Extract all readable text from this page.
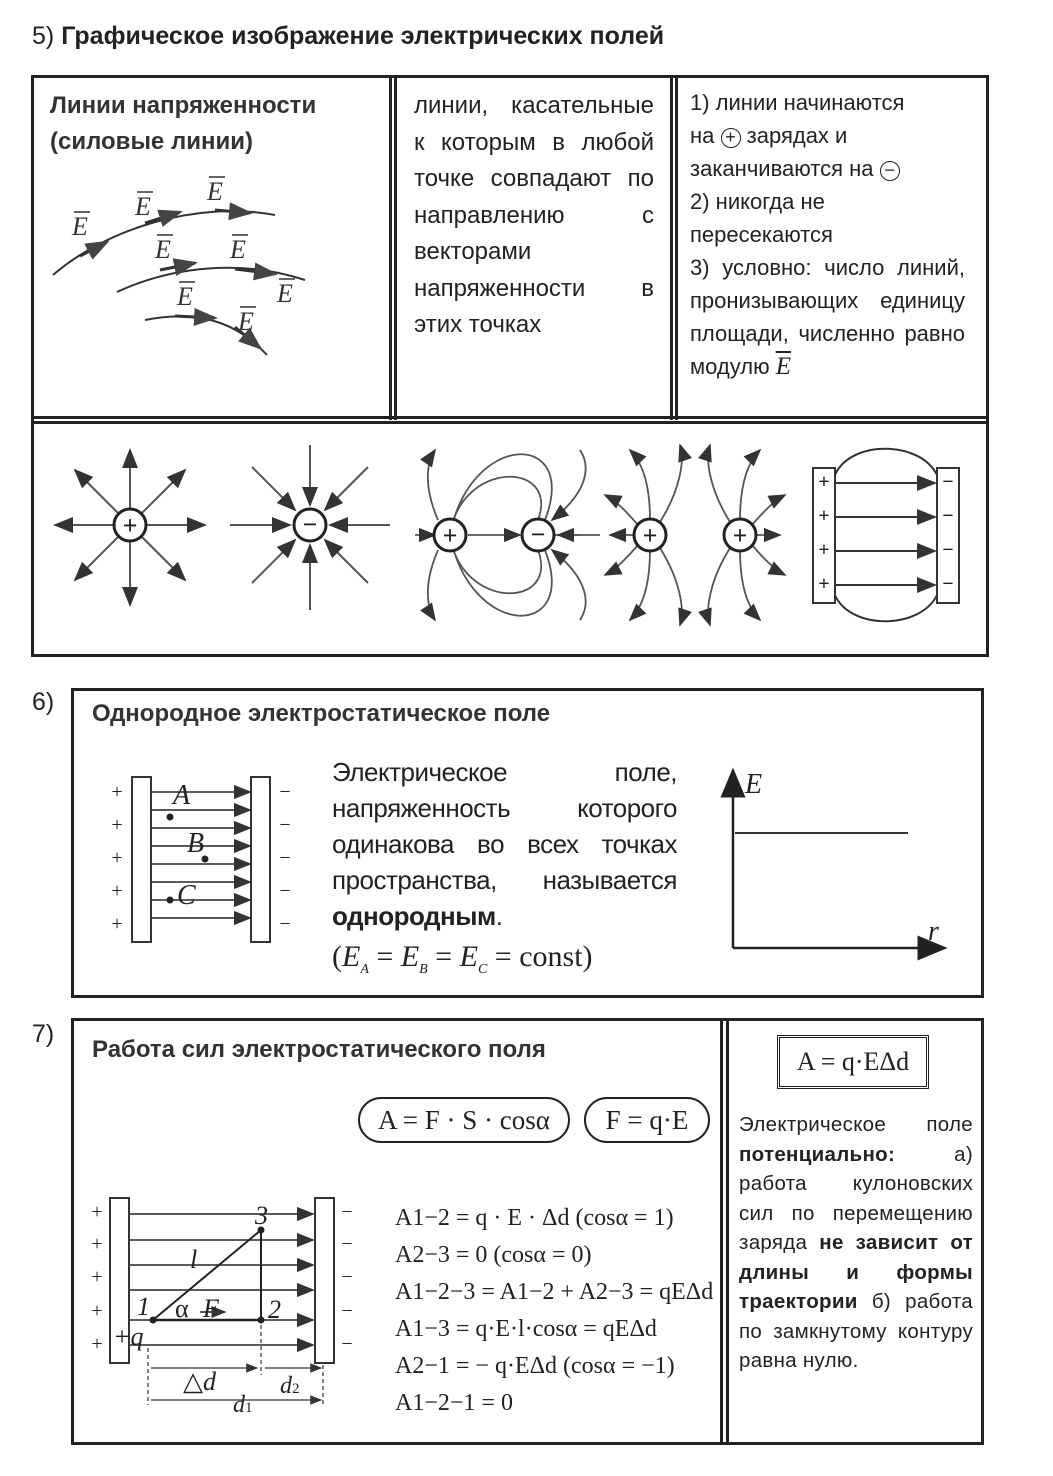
5) Графическое изображение электрических полей
Линии напряженности
(силовые линии)
E
E
E
E E
E
E
E
линии, касательные к которым в любой точке совпадают по направлению с векторами напряженности в этих точках
1) линии начинаются
на + зарядах и заканчиваются на −
2) никогда не пересекаются
3) условно: число линий, пронизывающих единицу площади, численно равно модулю $\overline{E}$
+	−	+	−	+	+
+
+
+
+
−
−
−
−
6) Однородное электростатическое поле
+
+
+
+
+
−
−
−
−
−
A
B
C
Электрическое поле, напряженность которого одинакова во всех точках пространства, называется однородным.
($E_A = E_B = E_C$ = const)
E
r
7)
Работа сил электростатического поля
A = F · S · cosα	F = q·E
+
+
+
+
+
−
−
−
−
−
3
2
1
l
+q
α F
△d	d2
d1
A1−2 = q · E · Δd (cosα = 1)
A2−3 = 0 (cosα = 0)
A1−2−3 = A1−2 + A2−3 = qEΔd
A1−3 = q·E·l·cosα = qEΔd
A2−1 = − q·EΔd (cosα = −1)
A1−2−1 = 0
A = q·EΔd
Электрическое поле потенциально:	а) работа кулоновских сил по перемещению заряда не зависит от длины и формы траектории б) работа по замкнутому контуру равна нулю.
